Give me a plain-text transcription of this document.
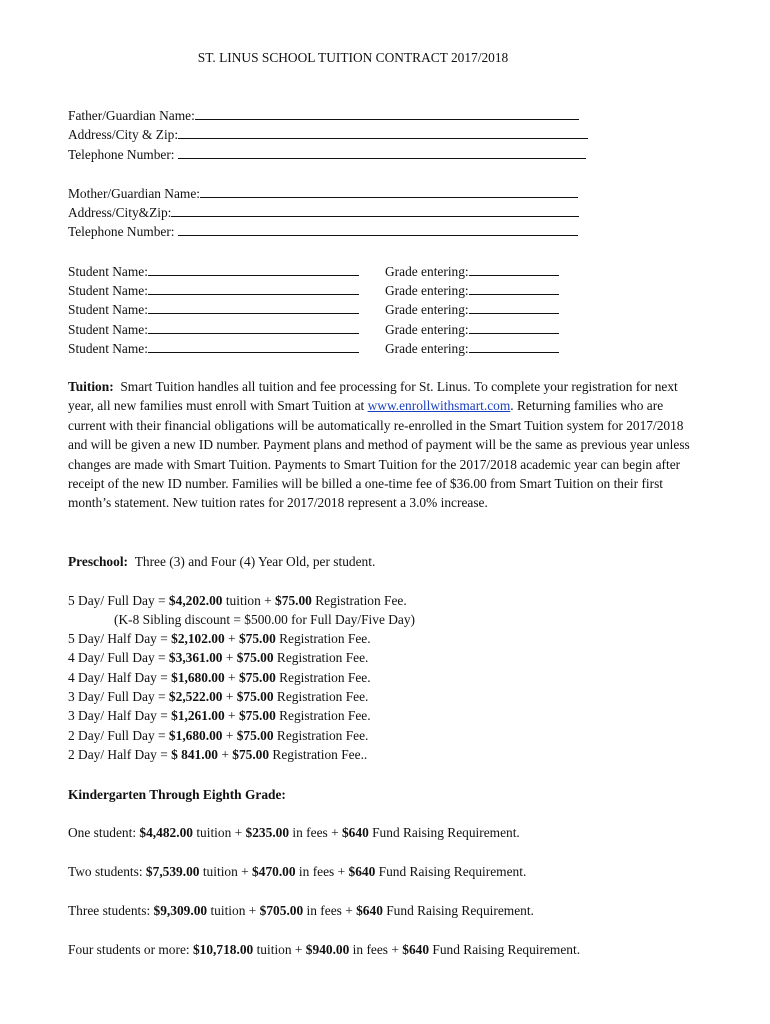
ST. LINUS SCHOOL TUITION CONTRACT 2017/2018
Father/Guardian Name:
Address/City & Zip:
Telephone Number:
Mother/Guardian Name:
Address/City&Zip:
Telephone Number:
Student Name:	Grade entering:
Student Name:	Grade entering:
Student Name:	Grade entering:
Student Name:	Grade entering:
Student Name:	Grade entering:
Tuition: Smart Tuition handles all tuition and fee processing for St. Linus. To complete your registration for next year, all new families must enroll with Smart Tuition at www.enrollwithsmart.com. Returning families who are current with their financial obligations will be automatically re-enrolled in the Smart Tuition system for 2017/2018 and will be given a new ID number. Payment plans and method of payment will be the same as previous year unless changes are made with Smart Tuition. Payments to Smart Tuition for the 2017/2018 academic year can begin after receipt of the new ID number. Families will be billed a one-time fee of $36.00 from Smart Tuition on their first month’s statement. New tuition rates for 2017/2018 represent a 3.0% increase.
Preschool: Three (3) and Four (4) Year Old, per student.
5 Day/ Full Day = $4,202.00 tuition + $75.00 Registration Fee.
(K-8 Sibling discount = $500.00 for Full Day/Five Day)
5 Day/ Half Day = $2,102.00 + $75.00 Registration Fee.
4 Day/ Full Day = $3,361.00 + $75.00 Registration Fee.
4 Day/ Half Day = $1,680.00 + $75.00 Registration Fee.
3 Day/ Full Day = $2,522.00 + $75.00 Registration Fee.
3 Day/ Half Day = $1,261.00 + $75.00 Registration Fee.
2 Day/ Full Day = $1,680.00 + $75.00 Registration Fee.
2 Day/ Half Day = $ 841.00 + $75.00 Registration Fee..
Kindergarten Through Eighth Grade:
One student: $4,482.00 tuition + $235.00 in fees + $640 Fund Raising Requirement.
Two students: $7,539.00 tuition + $470.00 in fees + $640 Fund Raising Requirement.
Three students: $9,309.00 tuition + $705.00 in fees + $640 Fund Raising Requirement.
Four students or more: $10,718.00 tuition + $940.00 in fees + $640 Fund Raising Requirement.
